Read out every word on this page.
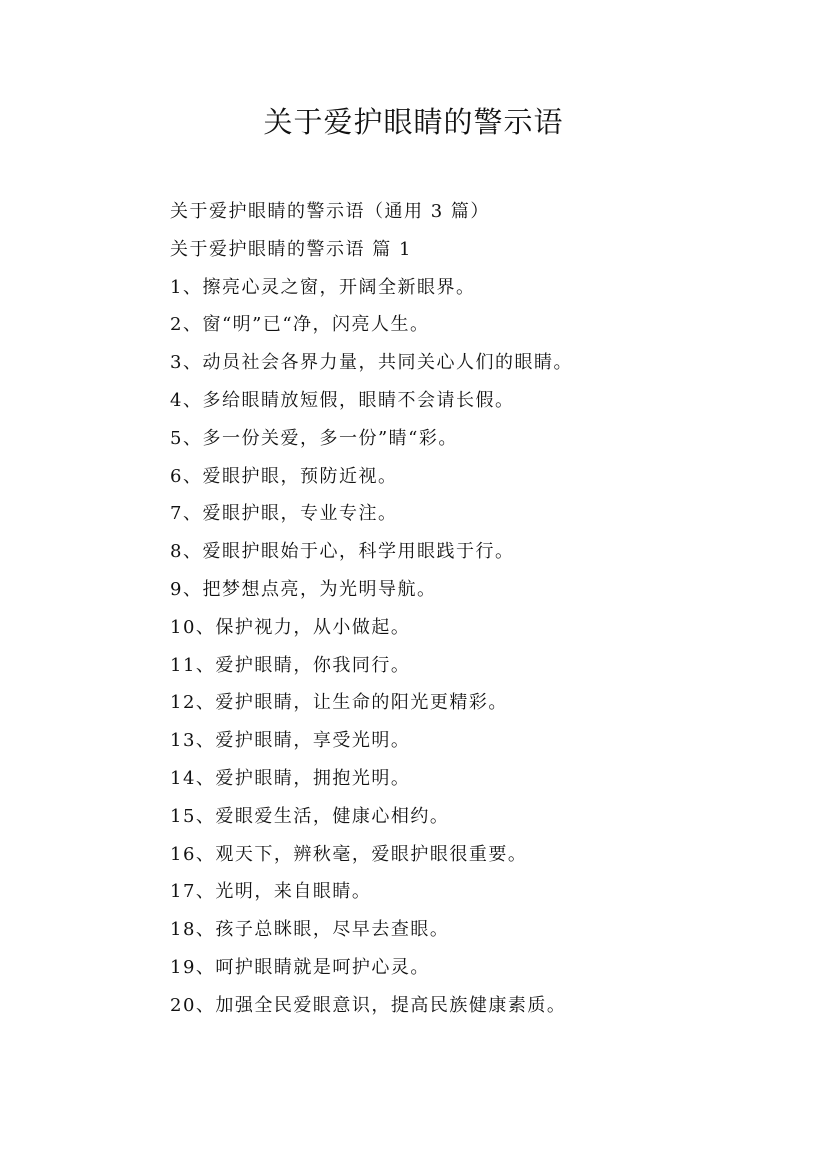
关于爱护眼睛的警示语
关于爱护眼睛的警示语（通用 3 篇）
关于爱护眼睛的警示语 篇 1
1、擦亮心灵之窗，开阔全新眼界。
2、窗“明”已“净，闪亮人生。
3、动员社会各界力量，共同关心人们的眼睛。
4、多给眼睛放短假，眼睛不会请长假。
5、多一份关爱，多一份”睛“彩。
6、爱眼护眼，预防近视。
7、爱眼护眼，专业专注。
8、爱眼护眼始于心，科学用眼践于行。
9、把梦想点亮，为光明导航。
10、保护视力，从小做起。
11、爱护眼睛，你我同行。
12、爱护眼睛，让生命的阳光更精彩。
13、爱护眼睛，享受光明。
14、爱护眼睛，拥抱光明。
15、爱眼爱生活，健康心相约。
16、观天下，辨秋毫，爱眼护眼很重要。
17、光明，来自眼睛。
18、孩子总眯眼，尽早去查眼。
19、呵护眼睛就是呵护心灵。
20、加强全民爱眼意识，提高民族健康素质。
